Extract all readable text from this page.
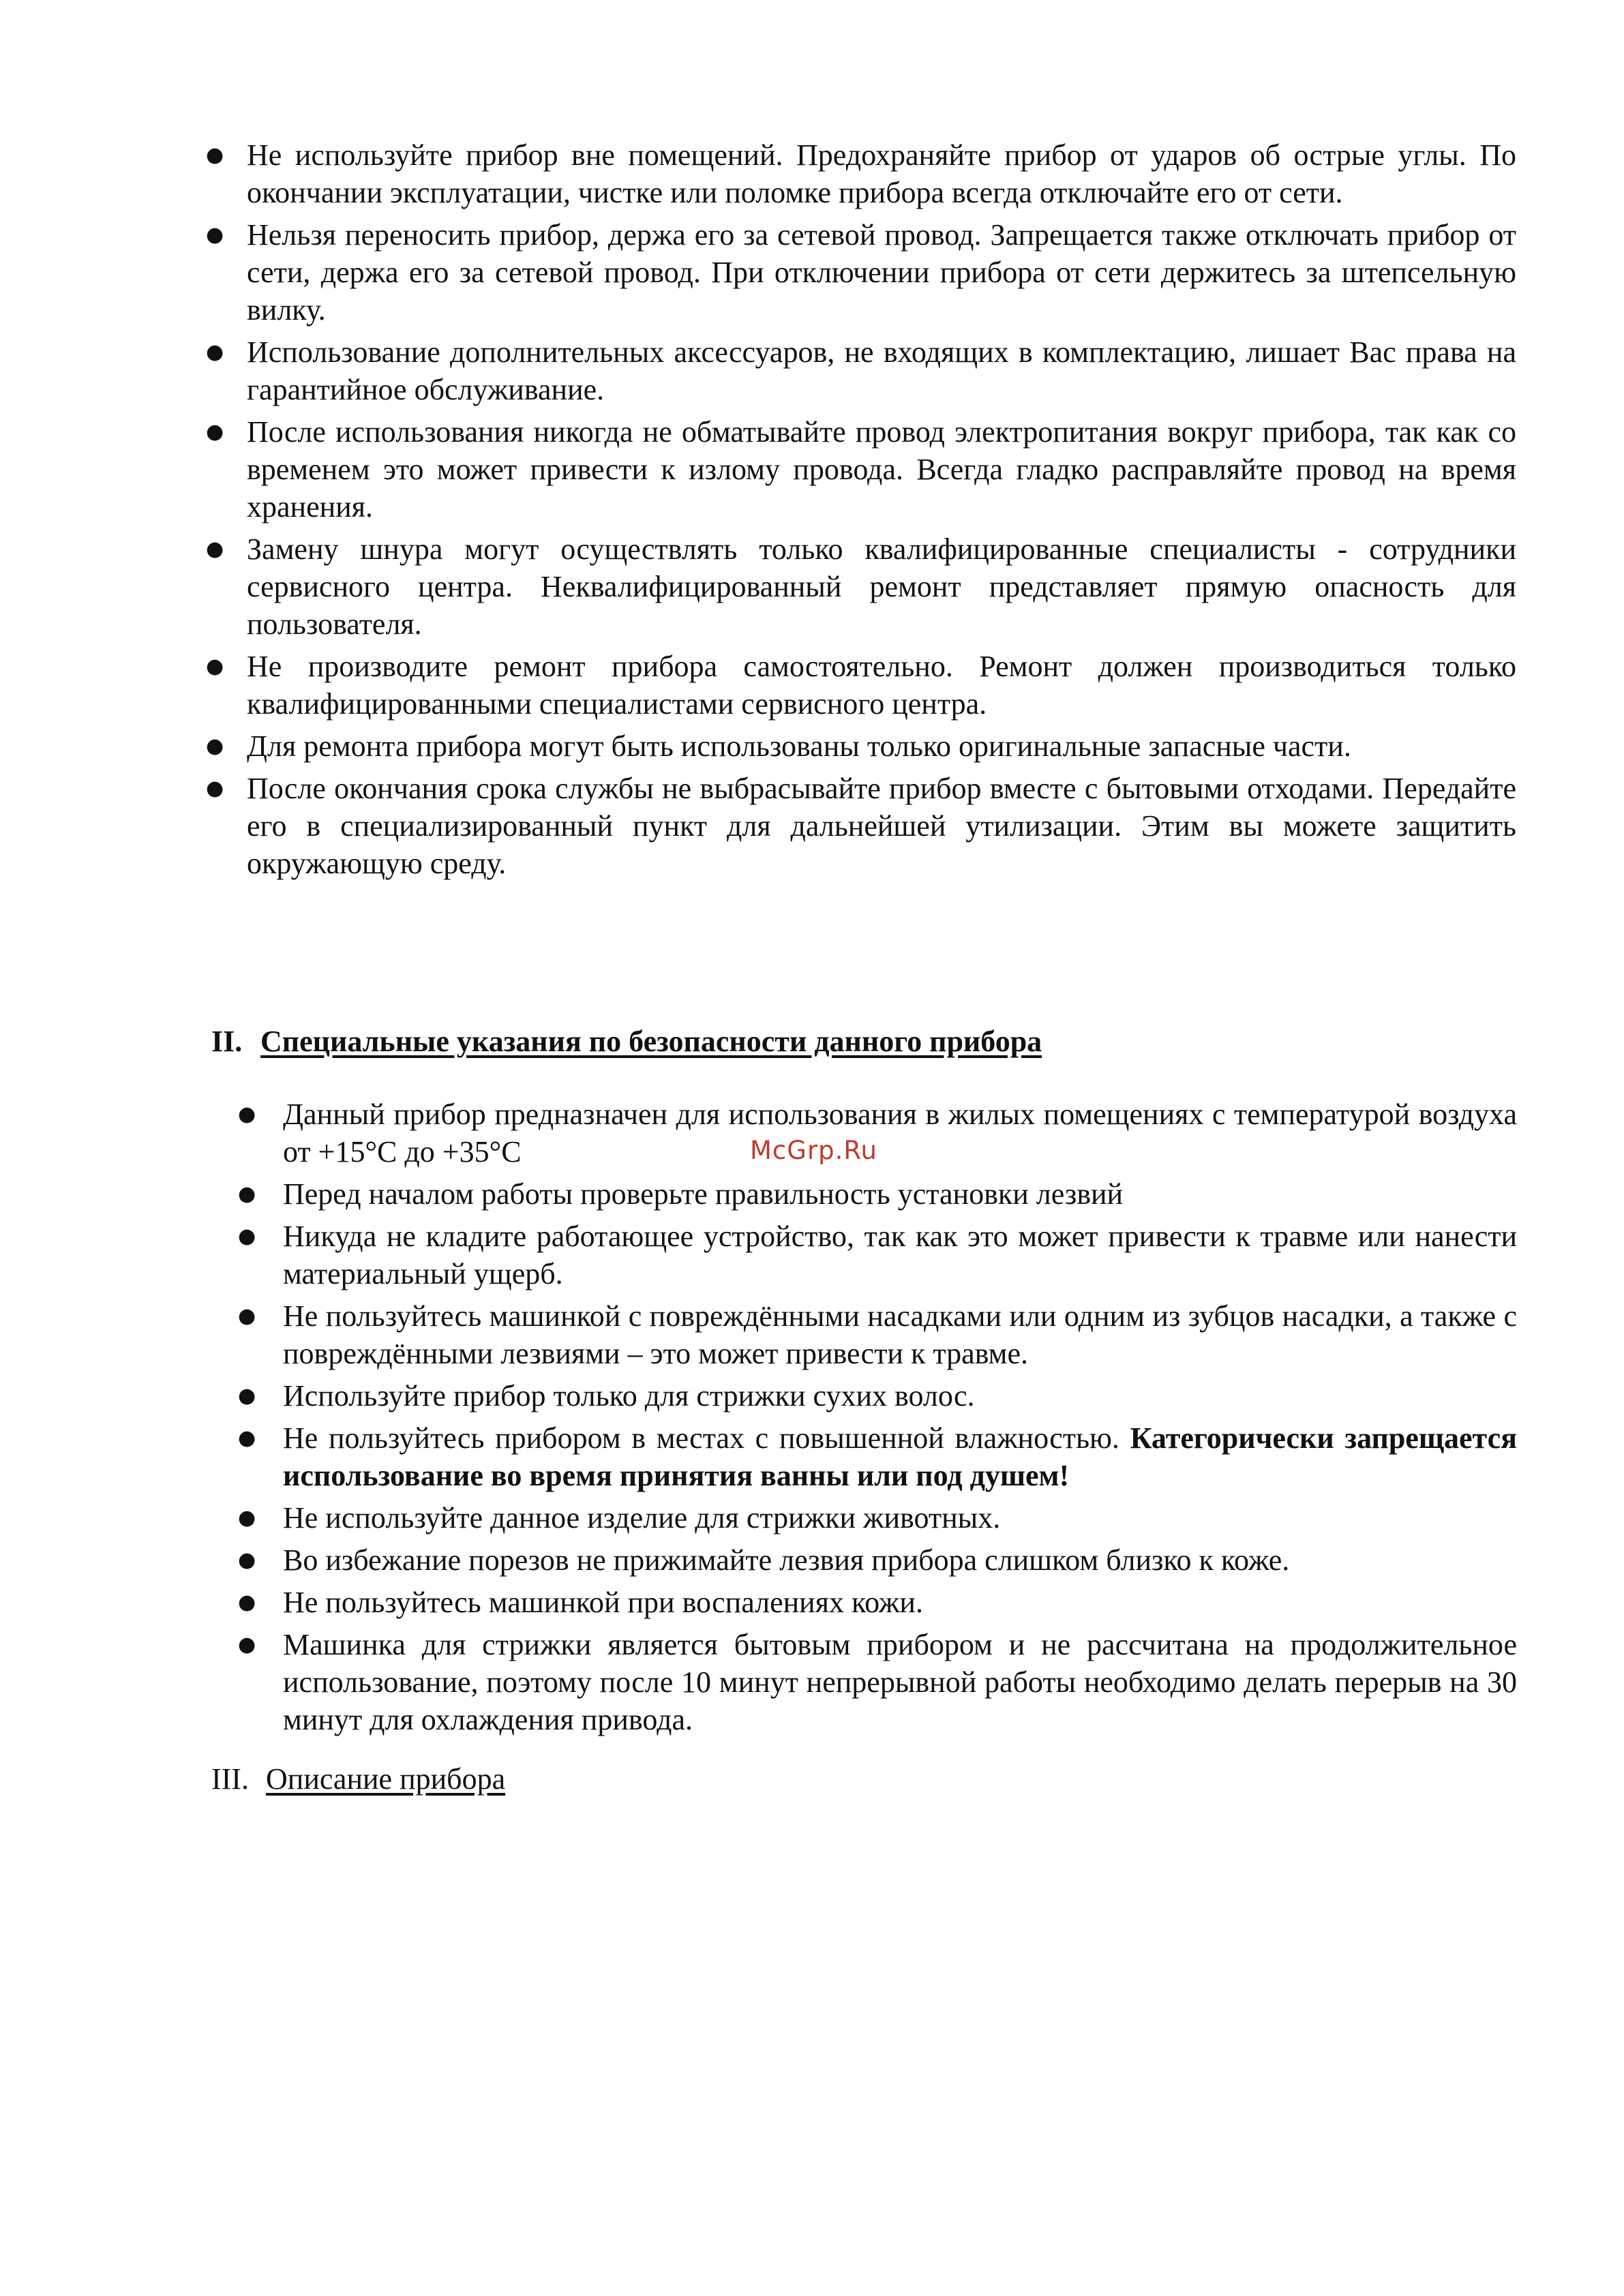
●
Не используйте прибор вне помещений. Предохраняйте прибор от ударов об острые углы. По окончании эксплуатации, чистке или поломке прибора всегда отключайте его от сети.
●
Нельзя переносить прибор, держа его за сетевой провод. Запрещается также отключать прибор от сети, держа его за сетевой провод. При отключении прибора от сети держитесь за штепсельную вилку.
●
Использование дополнительных аксессуаров, не входящих в комплектацию, лишает Вас права на гарантийное обслуживание.
●
После использования никогда не обматывайте провод электропитания вокруг прибора, так как со временем это может привести к излому провода. Всегда гладко расправляйте провод на время хранения.
●
Замену шнура могут осуществлять только квалифицированные специалисты - сотрудники сервисного центра. Неквалифицированный ремонт представляет прямую опасность для пользователя.
●
Не производите ремонт прибора самостоятельно. Ремонт должен производиться только квалифицированными специалистами сервисного центра.
●
Для ремонта прибора могут быть использованы только оригинальные запасные части.
●
После окончания срока службы не выбрасывайте прибор вместе с бытовыми отходами. Передайте его в специализированный пункт для дальнейшей утилизации. Этим вы можете защитить окружающую среду.
II. Специальные указания по безопасности данного прибора
●
Данный прибор предназначен для использования в жилых помещениях с температурой воздуха от +15°C до +35°C
●
Перед началом работы проверьте правильность установки лезвий
●
Никуда не кладите работающее устройство, так как это может привести к травме или нанести материальный ущерб.
●
Не пользуйтесь машинкой с повреждёнными насадками или одним из зубцов насадки, а также с повреждёнными лезвиями – это может привести к травме.
●
Используйте прибор только для стрижки сухих волос.
●
Не пользуйтесь прибором в местах с повышенной влажностью. Категорически запрещается использование во время принятия ванны или под душем!
●
Не используйте данное изделие для стрижки животных.
●
Во избежание порезов не прижимайте лезвия прибора слишком близко к коже.
●
Не пользуйтесь машинкой при воспалениях кожи.
●
Машинка для стрижки является бытовым прибором и не рассчитана на продолжительное использование, поэтому после 10 минут непрерывной работы необходимо делать перерыв на 30 минут для охлаждения привода.
McGrp.Ru
III. Описание прибора
